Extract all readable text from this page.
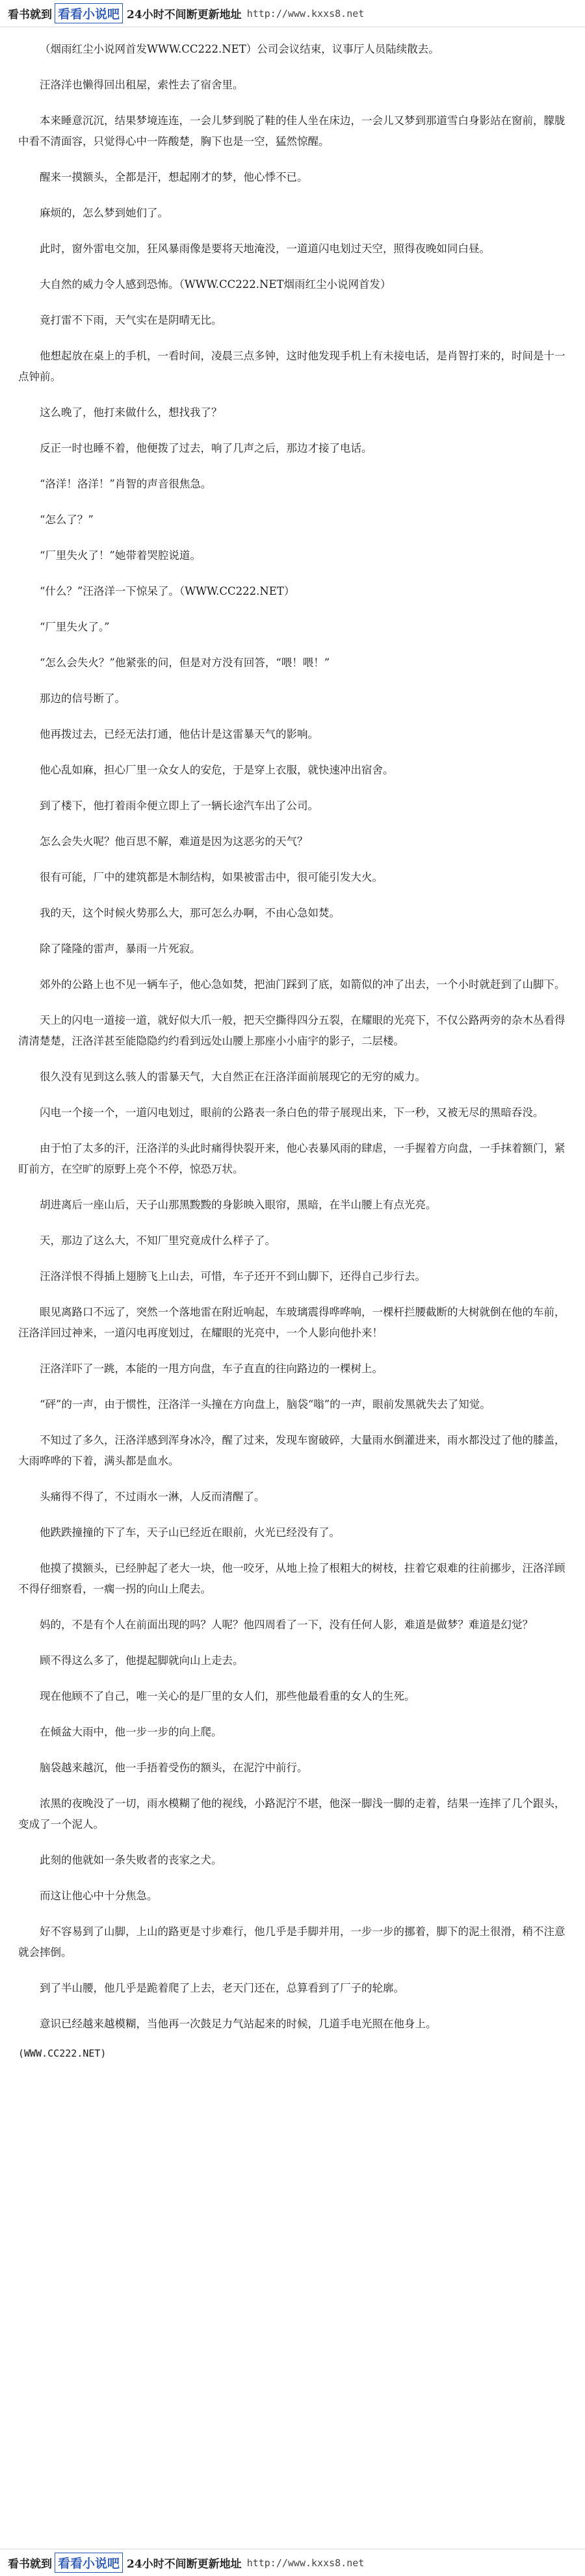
看书就到 看看小说吧 24小时不间断更新地址 http://www.kxxs8.net

（烟雨红尘小说网首发WWW.CC222.NET）公司会议结束，议事厅人员陆续散去。

汪洛洋也懒得回出租屋，索性去了宿舍里。

本来睡意沉沉，结果梦境连连，一会儿梦到脱了鞋的佳人坐在床边，一会儿又梦到那道雪白身影站在窗前，朦胧中看不清面容，只觉得心中一阵酸楚，胸下也是一空，猛然惊醒。

醒来一摸额头，全都是汗，想起刚才的梦，他心悸不已。

麻烦的，怎么梦到她们了。

此时，窗外雷电交加，狂风暴雨像是要将天地淹没，一道道闪电划过天空，照得夜晚如同白昼。

大自然的威力令人感到恐怖。（WWW.CC222.NET烟雨红尘小说网首发）

竟打雷不下雨，天气实在是阴晴无比。

他想起放在桌上的手机，一看时间，凌晨三点多钟，这时他发现手机上有未接电话，是肖智打来的，时间是十一点钟前。

这么晚了，他打来做什么，想找我了？

反正一时也睡不着，他便拨了过去，响了几声之后，那边才接了电话。

“洛洋！洛洋！”肖智的声音很焦急。

“怎么了？”

“厂里失火了！”她带着哭腔说道。

“什么？”汪洛洋一下惊呆了。（WWW.CC222.NET）

“厂里失火了。”

“怎么会失火？”他紧张的问，但是对方没有回答，“喂！喂！”

那边的信号断了。

他再拨过去，已经无法打通，他估计是这雷暴天气的影响。

他心乱如麻，担心厂里一众女人的安危，于是穿上衣服，就快速冲出宿舍。

到了楼下，他打着雨伞便立即上了一辆长途汽车出了公司。

怎么会失火呢？他百思不解，难道是因为这恶劣的天气？

很有可能，厂中的建筑都是木制结构，如果被雷击中，很可能引发大火。

我的天，这个时候火势那么大，那可怎么办啊，不由心急如焚。

除了隆隆的雷声，暴雨一片死寂。

郊外的公路上也不见一辆车子，他心急如焚，把油门踩到了底，如箭似的冲了出去，一个小时就赶到了山脚下。

天上的闪电一道接一道，就好似大爪一般，把天空撕得四分五裂，在耀眼的光亮下，不仅公路两旁的杂木丛看得清清楚楚，汪洛洋甚至能隐隐约约看到远处山腰上那座小小庙宇的影子，二层楼。

很久没有见到这么骇人的雷暴天气，大自然正在汪洛洋面前展现它的无穷的威力。

闪电一个接一个，一道闪电划过，眼前的公路表一条白色的带子展现出来，下一秒，又被无尽的黑暗吞没。

由于怕了太多的汗，汪洛洋的头此时痛得快裂开来，他心表暴风雨的肆虐，一手握着方向盘，一手抹着额门，紧盯前方，在空旷的原野上亮个不停，惊恐万状。

胡进离后一座山后，天子山那黑黢黢的身影映入眼帘，黑暗，在半山腰上有点光亮。

天，那边了这么大，不知厂里究竟成什么样子了。

汪洛洋恨不得插上翅膀飞上山去，可惜，车子还开不到山脚下，还得自己步行去。

眼见离路口不远了，突然一个落地雷在附近响起，车玻璃震得哗哗响，一棵杆拦腰截断的大树就倒在他的车前，汪洛洋回过神来，一道闪电再度划过，在耀眼的光亮中，一个人影向他扑来！

汪洛洋吓了一跳，本能的一甩方向盘，车子直直的往向路边的一棵树上。

“砰”的一声，由于惯性，汪洛洋一头撞在方向盘上，脑袋“嗡”的一声，眼前发黑就失去了知觉。

不知过了多久，汪洛洋感到浑身冰冷，醒了过来，发现车窗破碎，大量雨水倒灌进来，雨水都没过了他的膝盖，大雨哗哗的下着，满头都是血水。

头痛得不得了，不过雨水一淋，人反而清醒了。

他跌跌撞撞的下了车，天子山已经近在眼前，火光已经没有了。

他摸了摸额头，已经肿起了老大一块，他一咬牙，从地上捡了根粗大的树枝，拄着它艰难的往前挪步，汪洛洋顾不得仔细察看，一瘸一拐的向山上爬去。

妈的，不是有个人在前面出现的吗？人呢？他四周看了一下，没有任何人影，难道是做梦？难道是幻觉？

顾不得这么多了，他提起脚就向山上走去。

现在他顾不了自己，唯一关心的是厂里的女人们，那些他最看重的女人的生死。

在倾盆大雨中，他一步一步的向上爬。

脑袋越来越沉，他一手捂着受伤的额头，在泥泞中前行。

浓黑的夜晚没了一切，雨水模糊了他的视线，小路泥泞不堪，他深一脚浅一脚的走着，结果一连摔了几个跟头，变成了一个泥人。

此刻的他就如一条失败者的丧家之犬。

而这让他心中十分焦急。

好不容易到了山脚，上山的路更是寸步难行，他几乎是手脚并用，一步一步的挪着，脚下的泥土很滑，稍不注意就会摔倒。

到了半山腰，他几乎是跪着爬了上去，老天门还在，总算看到了厂子的轮廓。

意识已经越来越模糊，当他再一次鼓足力气站起来的时候，几道手电光照在他身上。

(WWW.CC222.NET)

看书就到 看看小说吧 24小时不间断更新地址 http://www.kxxs8.net
